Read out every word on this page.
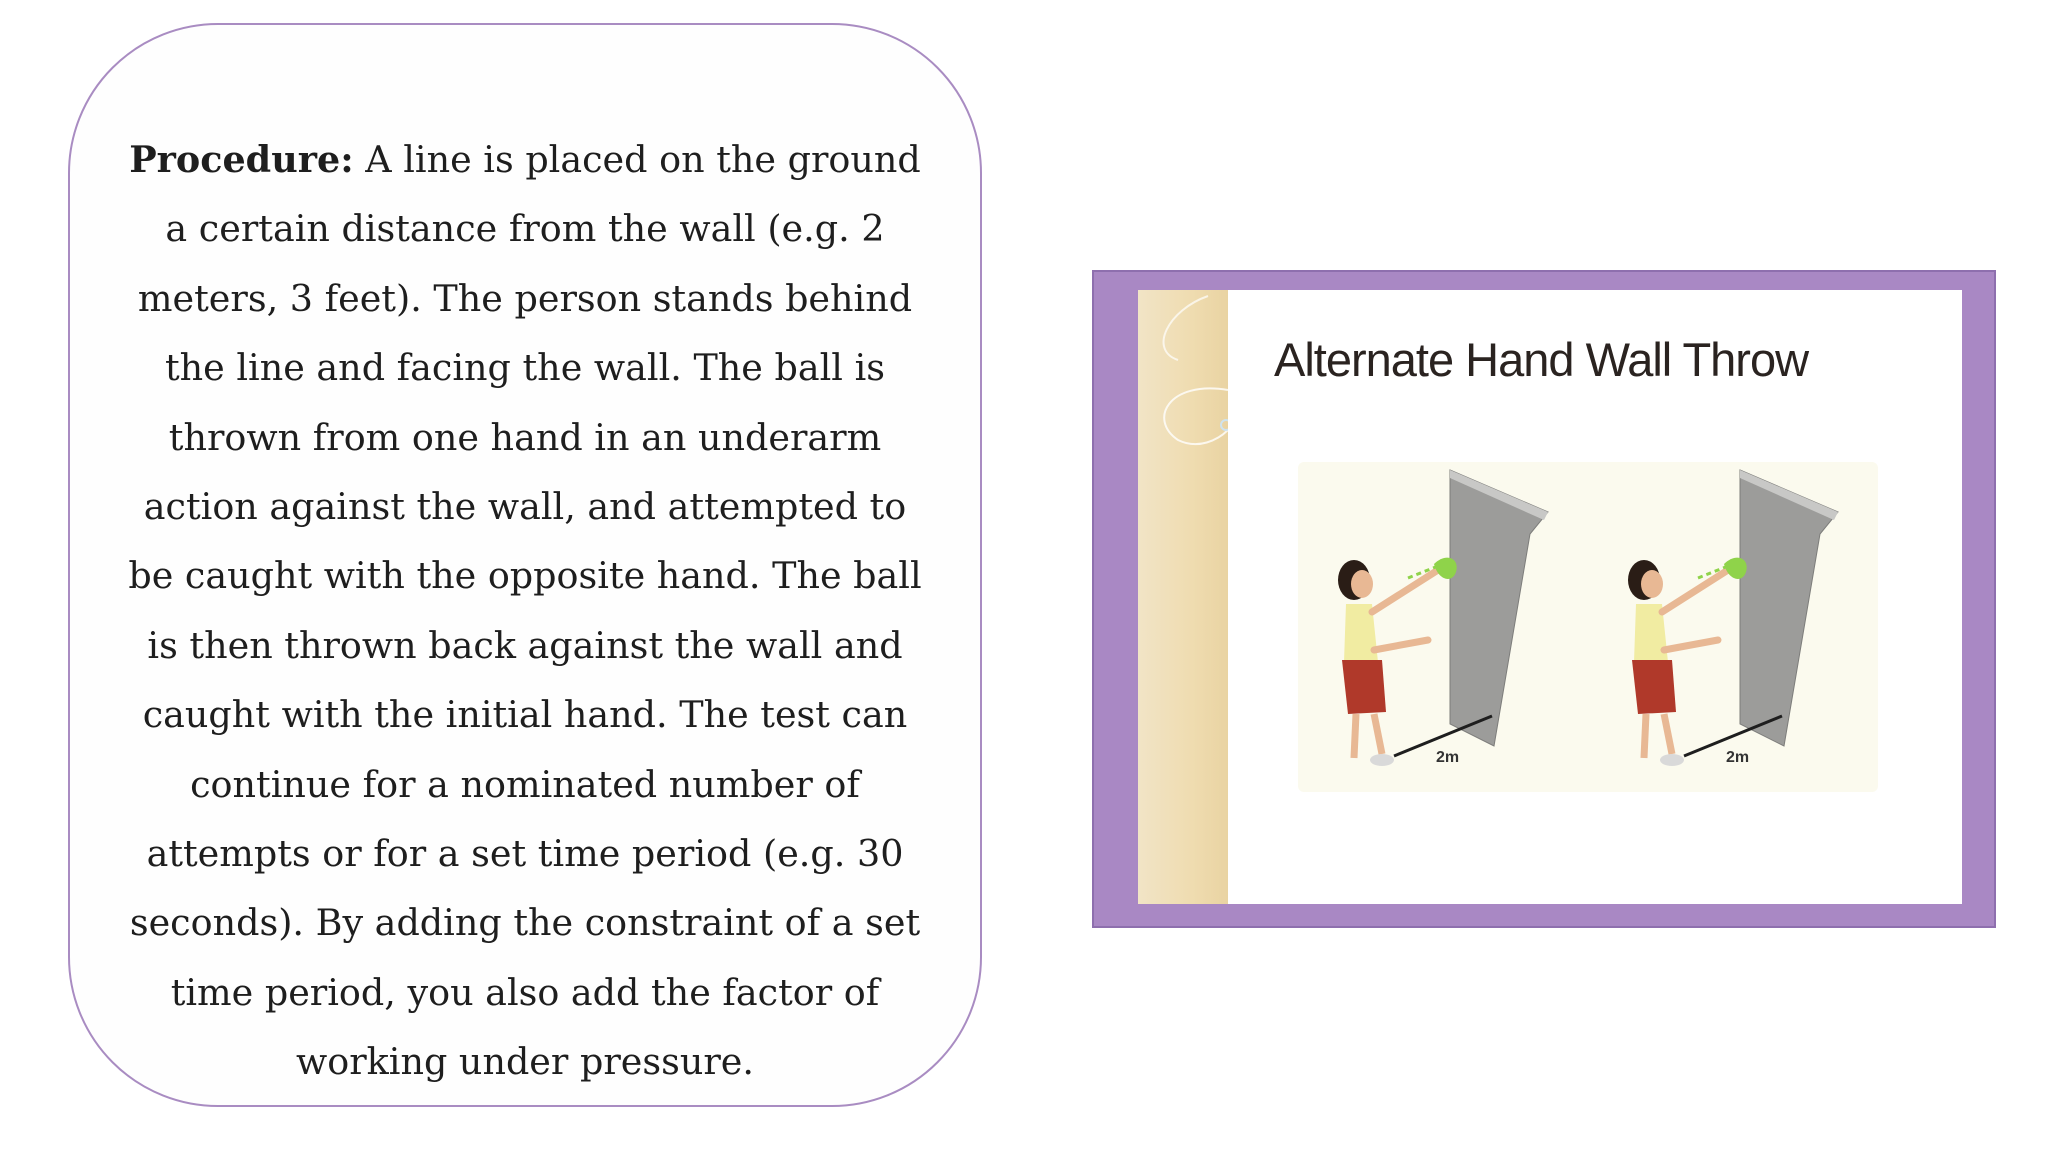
Procedure: A line is placed on the ground a certain distance from the wall (e.g. 2 meters, 3 feet). The person stands behind the line and facing the wall. The ball is thrown from one hand in an underarm action against the wall, and attempted to be caught with the opposite hand. The ball is then thrown back against the wall and caught with the initial hand. The test can continue for a nominated number of attempts or for a set time period (e.g. 30 seconds). By adding the constraint of a set time period, you also add the factor of working under pressure.

Alternate Hand Wall Throw
2m	2m
